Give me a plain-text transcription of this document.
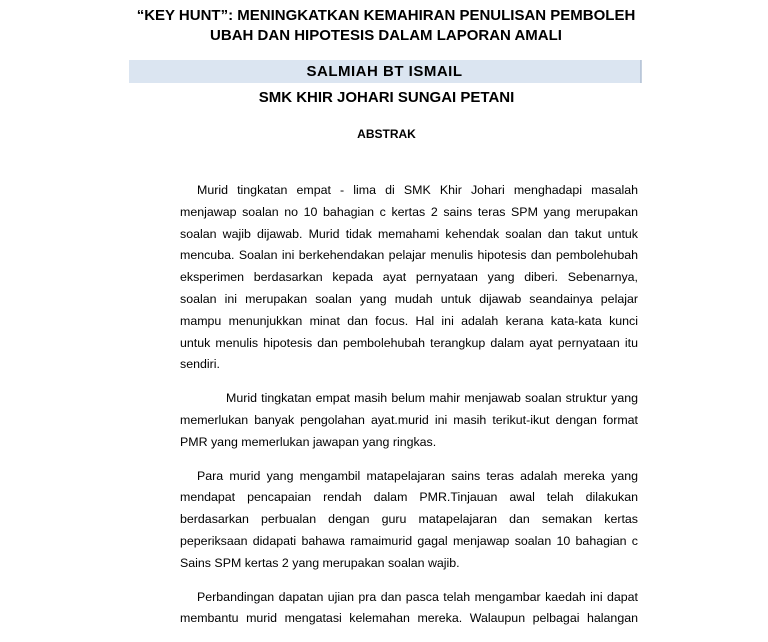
“KEY HUNT”: MENINGKATKAN KEMAHIRAN PENULISAN PEMBOLEH
UBAH DAN HIPOTESIS DALAM LAPORAN AMALI
SALMIAH BT ISMAIL
SMK KHIR JOHARI SUNGAI PETANI
ABSTRAK

Murid tingkatan empat - lima di SMK Khir Johari menghadapi masalah
menjawap soalan no 10 bahagian c kertas 2 sains teras SPM yang merupakan
soalan wajib dijawab. Murid tidak memahami kehendak soalan dan takut untuk
mencuba. Soalan ini berkehendakan pelajar menulis hipotesis dan pembolehubah
eksperimen berdasarkan kepada ayat pernyataan yang diberi. Sebenarnya,
soalan ini merupakan soalan yang mudah untuk dijawab seandainya pelajar
mampu menunjukkan minat dan focus. Hal ini adalah kerana kata-kata kunci
untuk menulis hipotesis dan pembolehubah terangkup dalam ayat pernyataan itu
sendiri.

Murid tingkatan empat masih belum mahir menjawab soalan struktur yang
memerlukan banyak pengolahan ayat.murid ini masih terikut-ikut dengan format
PMR yang memerlukan jawapan yang ringkas.

Para murid yang mengambil matapelajaran sains teras adalah mereka yang
mendapat pencapaian rendah dalam PMR.Tinjauan awal telah dilakukan
berdasarkan perbualan dengan guru matapelajaran dan semakan kertas
peperiksaan didapati bahawa ramaimurid gagal menjawap soalan 10 bahagian c
Sains SPM kertas 2 yang merupakan soalan wajib.

Perbandingan dapatan ujian pra dan pasca telah mengambar kaedah ini dapat
membantu murid mengatasi kelemahan mereka. Walaupun pelbagai halangan
